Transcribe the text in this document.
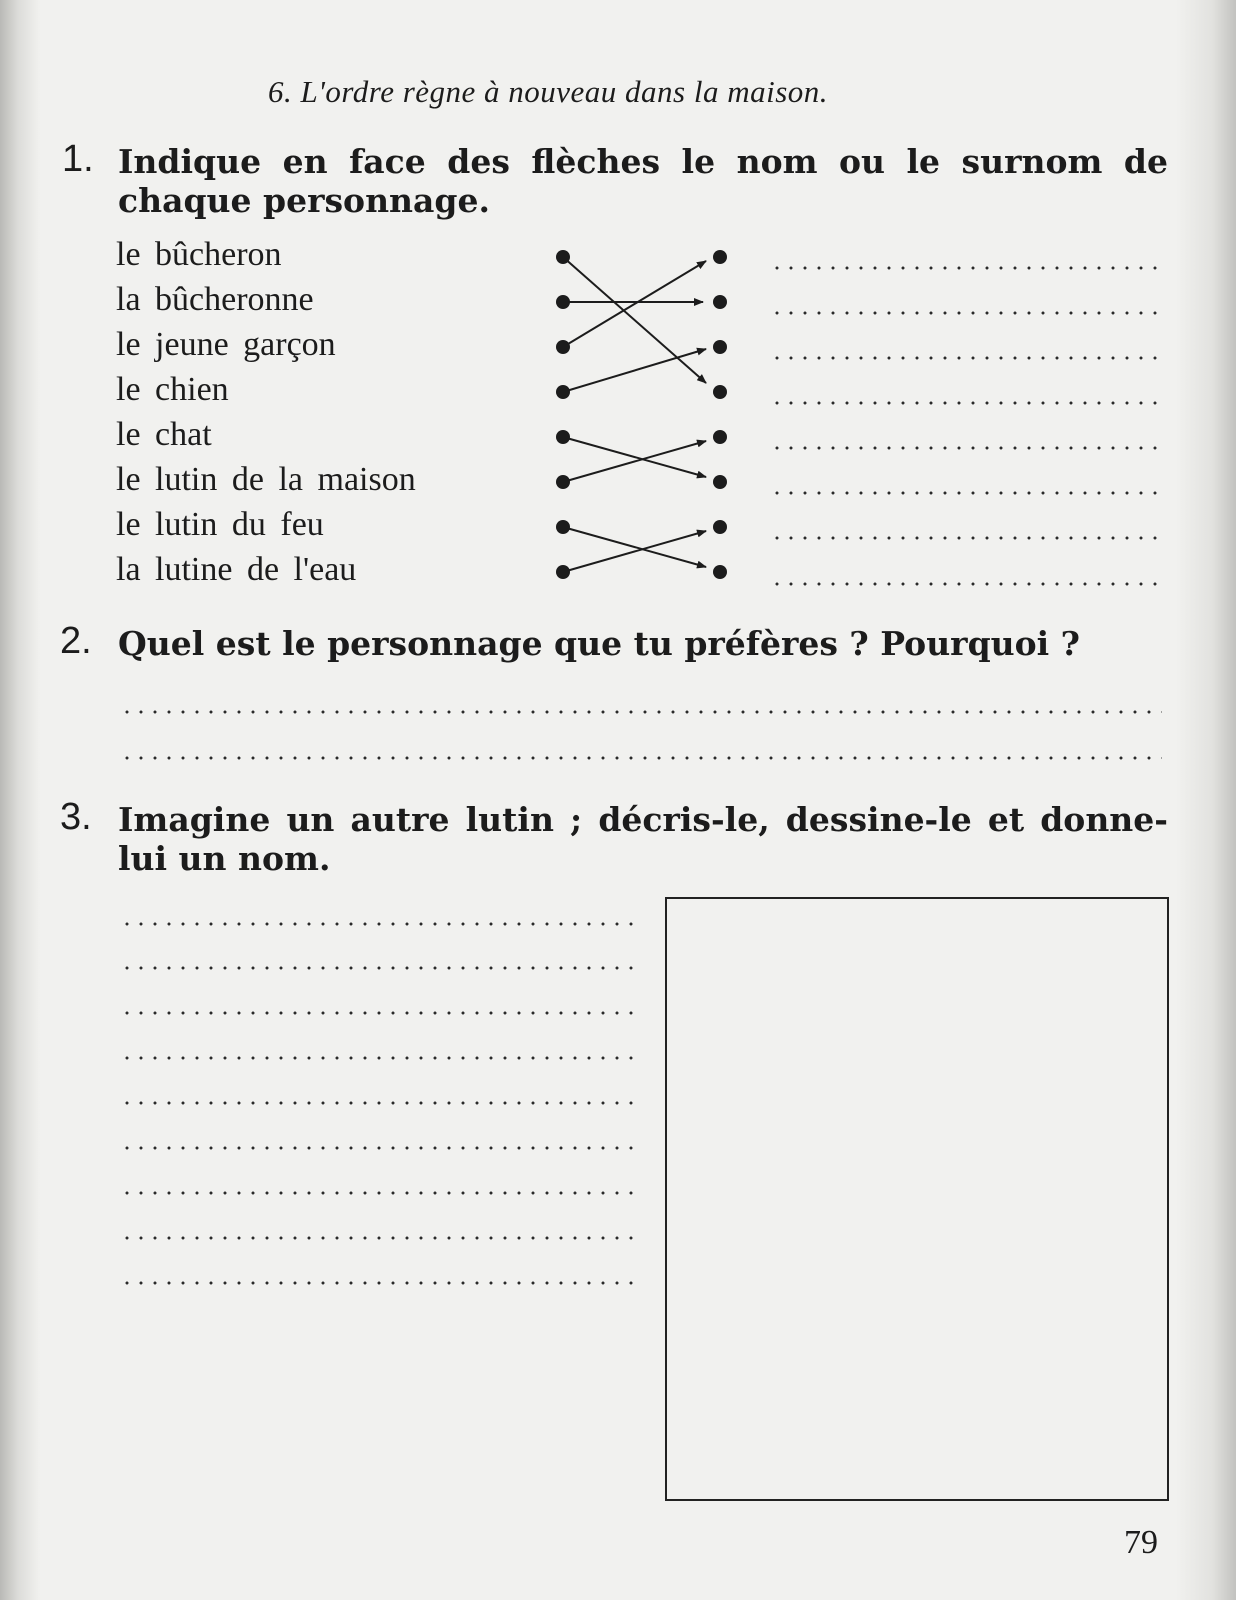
6. L'ordre règne à nouveau dans la maison.
1. Indique en face des flèches le nom ou le surnom de chaque personnage.
le bûcheron
la bûcheronne
le jeune garçon
le chien
le chat
le lutin de la maison
le lutin du feu
la lutine de l'eau
2. Quel est le personnage que tu préfères ? Pourquoi ?
3. Imagine un autre lutin ; décris-le, dessine-le et donne-lui un nom.
79
